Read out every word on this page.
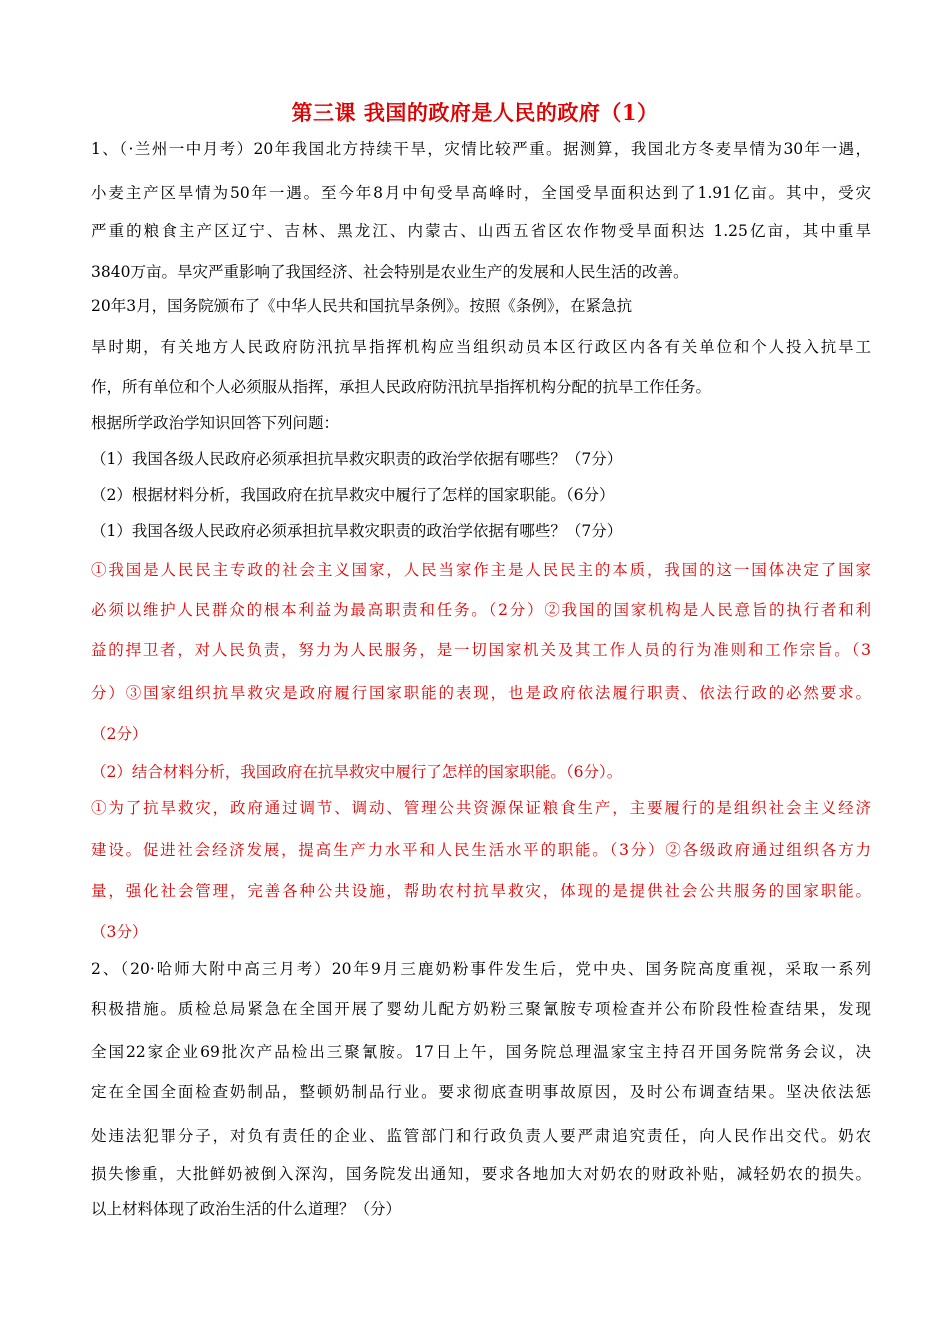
第三课 我国的政府是人民的政府（1）
1、（·兰州一中月考）20年我国北方持续干旱，灾情比较严重。据测算，我国北方冬麦旱情为30年一遇，
小麦主产区旱情为50年一遇。至今年8月中旬受旱高峰时，全国受旱面积达到了1.91亿亩。其中，受灾
严重的粮食主产区辽宁、吉林、黑龙江、内蒙古、山西五省区农作物受旱面积达 1.25亿亩，其中重旱
3840万亩。旱灾严重影响了我国经济、社会特别是农业生产的发展和人民生活的改善。
20年3月，国务院颁布了《中华人民共和国抗旱条例》。按照《条例》，在紧急抗
旱时期，有关地方人民政府防汛抗旱指挥机构应当组织动员本区行政区内各有关单位和个人投入抗旱工
作，所有单位和个人必须服从指挥，承担人民政府防汛抗旱指挥机构分配的抗旱工作任务。
根据所学政治学知识回答下列问题：
（1）我国各级人民政府必须承担抗旱救灾职责的政治学依据有哪些？（7分）
（2）根据材料分析，我国政府在抗旱救灾中履行了怎样的国家职能。（6分）
（1）我国各级人民政府必须承担抗旱救灾职责的政治学依据有哪些？（7分）
①我国是人民民主专政的社会主义国家，人民当家作主是人民民主的本质，我国的这一国体决定了国家
必须以维护人民群众的根本利益为最高职责和任务。（2分）②我国的国家机构是人民意旨的执行者和利
益的捍卫者，对人民负责，努力为人民服务，是一切国家机关及其工作人员的行为准则和工作宗旨。（3
分）③国家组织抗旱救灾是政府履行国家职能的表现，也是政府依法履行职责、依法行政的必然要求。
（2分）
（2）结合材料分析，我国政府在抗旱救灾中履行了怎样的国家职能。（6分）。
①为了抗旱救灾，政府通过调节、调动、管理公共资源保证粮食生产，主要履行的是组织社会主义经济
建设。促进社会经济发展，提高生产力水平和人民生活水平的职能。（3分）②各级政府通过组织各方力
量，强化社会管理，完善各种公共设施，帮助农村抗旱救灾，体现的是提供社会公共服务的国家职能。
（3分）
2、（20·哈师大附中高三月考）20年9月三鹿奶粉事件发生后，党中央、国务院高度重视，采取一系列
积极措施。质检总局紧急在全国开展了婴幼儿配方奶粉三聚氰胺专项检查并公布阶段性检查结果，发现
全国22家企业69批次产品检出三聚氰胺。17日上午，国务院总理温家宝主持召开国务院常务会议，决
定在全国全面检查奶制品，整顿奶制品行业。要求彻底查明事故原因，及时公布调查结果。坚决依法惩
处违法犯罪分子，对负有责任的企业、监管部门和行政负责人要严肃追究责任，向人民作出交代。奶农
损失惨重，大批鲜奶被倒入深沟，国务院发出通知，要求各地加大对奶农的财政补贴，减轻奶农的损失。
以上材料体现了政治生活的什么道理？（分）
